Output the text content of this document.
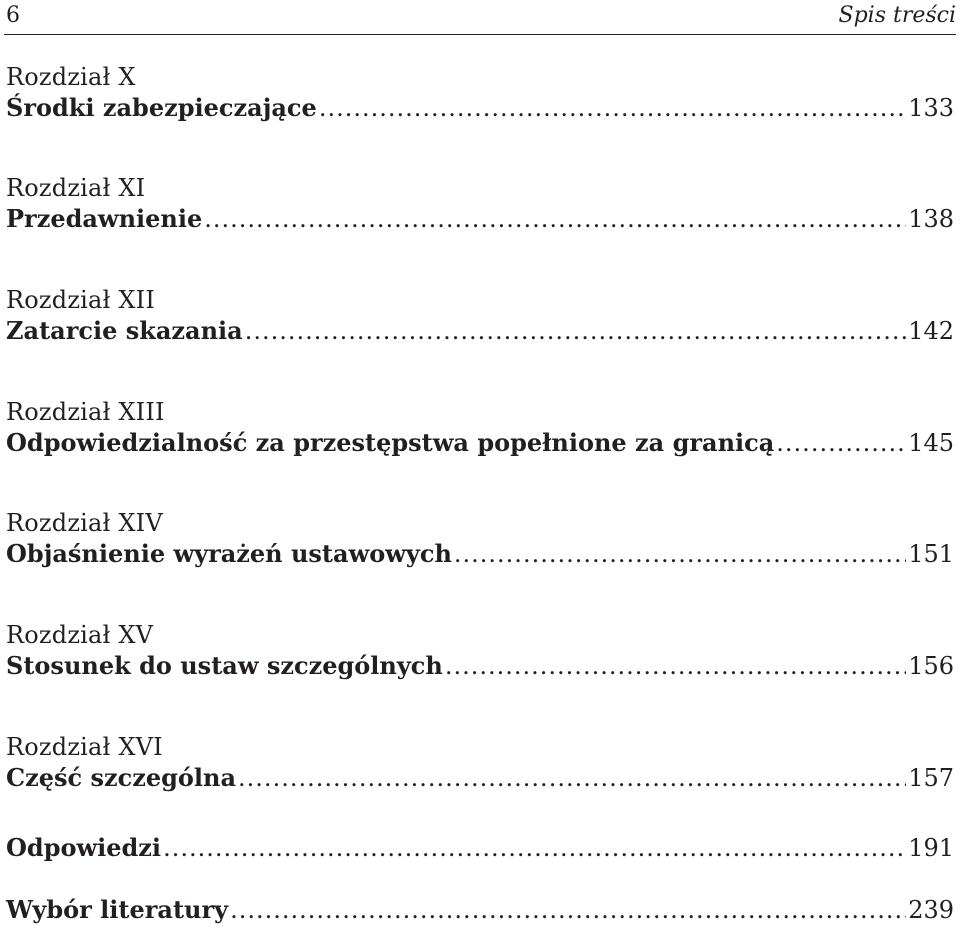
6	Spis treści
Rozdział X
Środki zabezpieczające .....	133
Rozdział XI
Przedawnienie .....	138
Rozdział XII
Zatarcie skazania .....	142
Rozdział XIII
Odpowiedzialność za przestępstwa popełnione za granicą .....	145
Rozdział XIV
Objaśnienie wyrażeń ustawowych .....	151
Rozdział XV
Stosunek do ustaw szczególnych .....	156
Rozdział XVI
Część szczególna .....	157
Odpowiedzi .....	191
Wybór literatury .....	239
